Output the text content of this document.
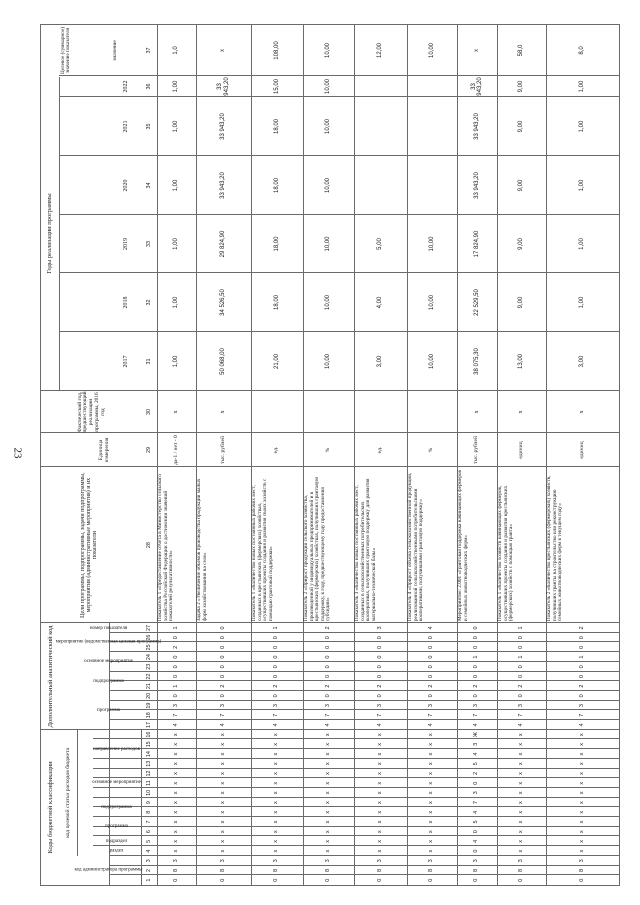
23
Коды бюджетной классификации
Дополнительный аналитический код
Цели программы, подпрограммы, задачи подпрограммы, мероприятия (административные мероприятия) и их показатели
Единица измерения
Фактический год, предшествующий реализации программы, 2016 год
Годы реализации программы
Целевое (суммарное) значение показателя	значение
2017
2018
2019
2020
2021
2022
код целевой статьи расходов бюджета
код администратора программы
раздел
подраздел
программа
подпрограмма
основное мероприятие
направление расходов
программа
подпрограмма
основное мероприятие
мероприятие (ведомственная целевая программа)
номер показателя
1
2
3
4
5
6
7
8
9
10
11
12
13
14
15
16
17
18
19
20
21
22
23
24
25
26
27
28
29
30
31
32
33
34
35
36
37
0
8
3
х
х
х
х
х
х
х
х
х
х
х
х
х
4
7
3
0
1
0
0
0
2
0
1
Показатель 1 «Предоставление отчета в Министерство сельского хозяйства Российской Федерации о достижении значений показателей результативности»
да-1 / нет - 0
х
1,00
1,00
1,00
1,00
1,00
1,00
1,0
0
8
3
х
х
х
х
х
х
х
х
х
х
х
х
х
4
7
3
0
2
0
0
0
0
0
0
Задача 2 «Увеличение объемов производства продукции малых форм хозяйствования на селе»
тыс. рублей
х
50 068,00
34 526,50
29 824,90
33 943,20
33 943,20
33 943,20
х
0
8
3
х
х
х
х
х
х
х
х
х
х
х
х
х
4
7
3
0
2
0
0
0
0
0
1
Показатель 1 «Количество новых постоянных рабочих мест, созданных в крестьянских (фермерских) хозяйствах, осуществивших проекты создания и развития своих хозяйств с помощью грантовой поддержки»
ед.
21,00
18,00
18,00
18,00
18,00
15,00
108,00
0
8
3
х
х
х
х
х
х
х
х
х
х
х
х
х
4
7
3
0
2
0
0
0
0
0
2
Показатель 2 «Прирост продукции сельского хозяйства, произведенной у индивидуальных предпринимателей и в крестьянских (фермерских) хозяйствах, получивших грантовую поддержку, к году, предшествующему году предоставления субсидии»
%
10,00
10,00
10,00
10,00
10,00
10,00
10,00
0
8
3
х
х
х
х
х
х
х
х
х
х
х
х
х
4
7
3
0
2
0
0
0
0
0
3
Показатель 3 «Количество новых постоянных рабочих мест, созданных в сельскохозяйственных потребительских кооперативах, получивших грантовую поддержку для развития материально-технической базы»
ед.
3,00
4,00
5,00
12,00
0
8
3
х
х
х
х
х
х
х
х
х
х
х
х
х
4
7
3
0
2
0
0
0
0
0
4
Показатель 4 «Прирост объема сельскохозяйственной продукции, реализованной сельскохозяйственными потребительскими кооперативами, получившими грантовую поддержку»
%
10,00
10,00
10,00
10,00
0
8
3
0
4
0
5
4
7
3
0
2
5
4
3
Ж
4
7
3
0
2
0
0
1
0
0
0
Мероприятие: 2.001 «Грантовая поддержка начинающих фермеров и семейных животноводческих ферм»
тыс. рублей
х
38 075,30
22 529,50
17 824,90
33 943,20
33 943,20
33 943,20
х
0
8
3
х
х
х
х
х
х
х
х
х
х
х
х
х
4
7
3
0
2
0
0
1
0
0
1
Показатель 1 «Количество хозяйств начинающих фермеров, осуществивших проекты создания и развития крестьянских (фермерских) хозяйств с помощью гранта»
единиц
х
13,00
9,00
9,00
9,00
9,00
9,00
58,0
0
8
3
х
х
х
х
х
х
х
х
х
х
х
х
х
4
7
3
0
2
0
0
1
0
0
2
Показатель 2 «Количество крестьянских (фермерских) хозяйств, получивших гранты на строительство или реконструкцию семейных животноводческих ферм в текущем году»
единиц
х
3,00
1,00
1,00
1,00
1,00
1,00
8,0
